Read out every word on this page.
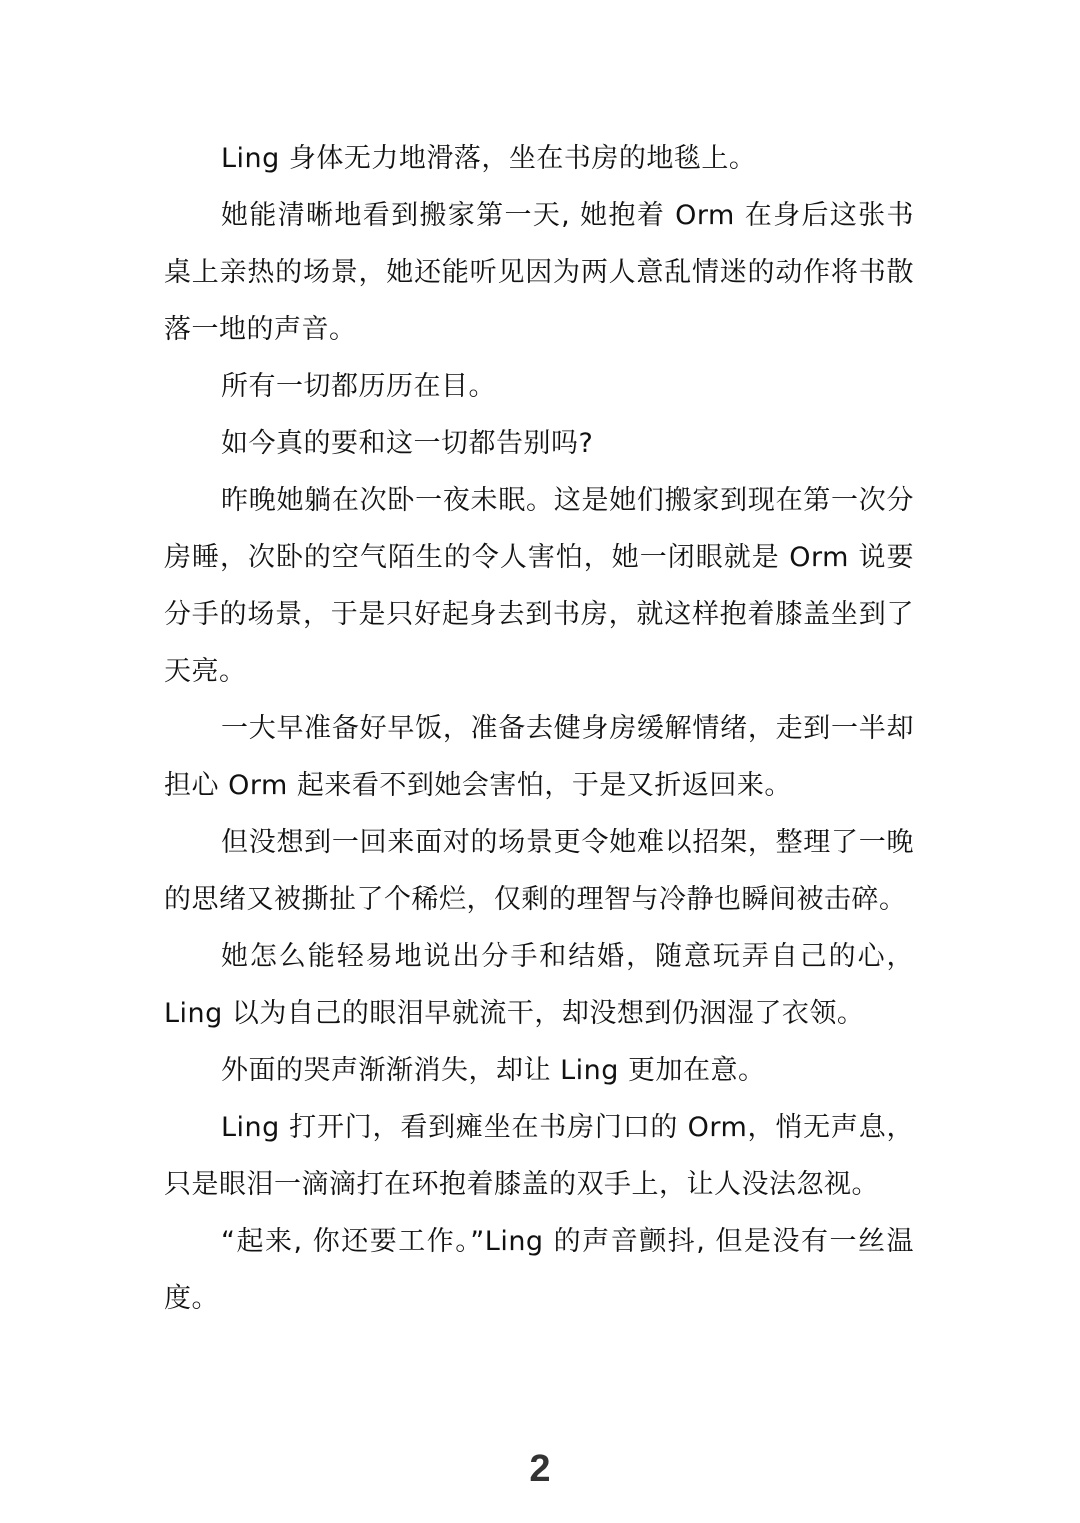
Ling 身体无力地滑落，坐在书房的地毯上。

她能清晰地看到搬家第一天, 她抱着 Orm 在身后这张书桌上亲热的场景，她还能听见因为两人意乱情迷的动作将书散落一地的声音。

所有一切都历历在目。

如今真的要和这一切都告别吗?

昨晚她躺在次卧一夜未眠。这是她们搬家到现在第一次分房睡，次卧的空气陌生的令人害怕，她一闭眼就是 Orm 说要分手的场景，于是只好起身去到书房，就这样抱着膝盖坐到了天亮。

一大早准备好早饭，准备去健身房缓解情绪，走到一半却担心 Orm 起来看不到她会害怕，于是又折返回来。

但没想到一回来面对的场景更令她难以招架，整理了一晚的思绪又被撕扯了个稀烂，仅剩的理智与冷静也瞬间被击碎。

她怎么能轻易地说出分手和结婚，随意玩弄自己的心，Ling 以为自己的眼泪早就流干，却没想到仍洇湿了衣领。

外面的哭声渐渐消失，却让 Ling 更加在意。

Ling 打开门，看到瘫坐在书房门口的 Orm，悄无声息，只是眼泪一滴滴打在环抱着膝盖的双手上，让人没法忽视。

“起来, 你还要工作。”Ling 的声音颤抖, 但是没有一丝温度。

2
